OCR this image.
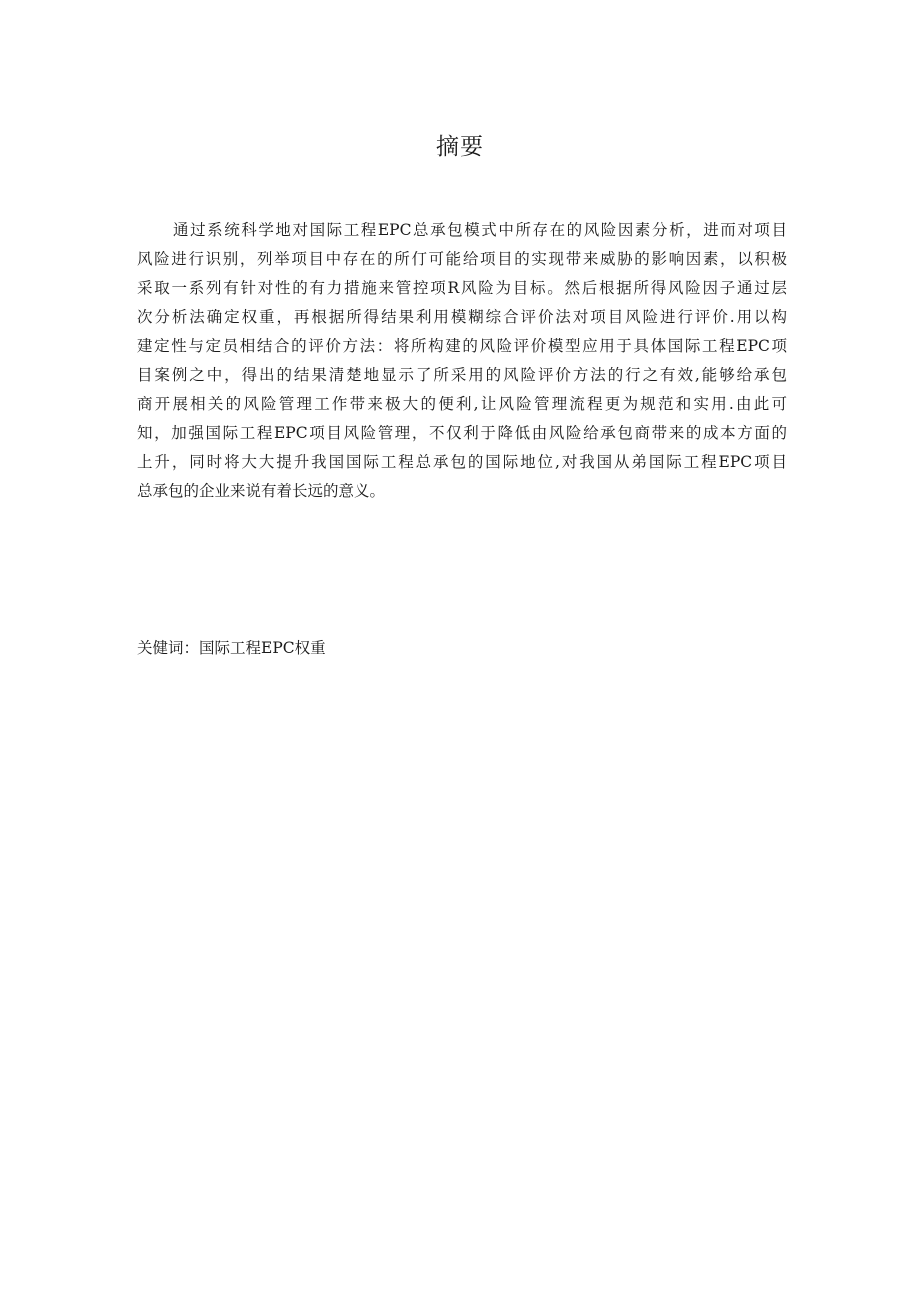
摘要
通过系统科学地对国际工程EPC总承包模式中所存在的风险因素分析，进而对项目
风险进行识别，列举项目中存在的所仃可能给项目的实现带来威胁的影响因素，以积极
采取一系列有针对性的有力措施来管控项R风险为目标。然后根据所得风险因子通过层
次分析法确定权重，再根据所得结果利用模糊综合评价法对项目风险进行评价.用以构
建定性与定员相结合的评价方法：将所构建的风险评价模型应用于具体国际工程EPC项
目案例之中，得出的结果清楚地显示了所采用的风险评价方法的行之有效,能够给承包
商开展相关的风险管理工作带来极大的便利,让风险管理流程更为规范和实用.由此可
知，加强国际工程EPC项目风险管理，不仅利于降低由风险给承包商带来的成本方面的
上升，同时将大大提升我国国际工程总承包的国际地位,对我国从弟国际工程EPC项目
总承包的企业来说有着长远的意义。

关健词：国际工程EPC权重
